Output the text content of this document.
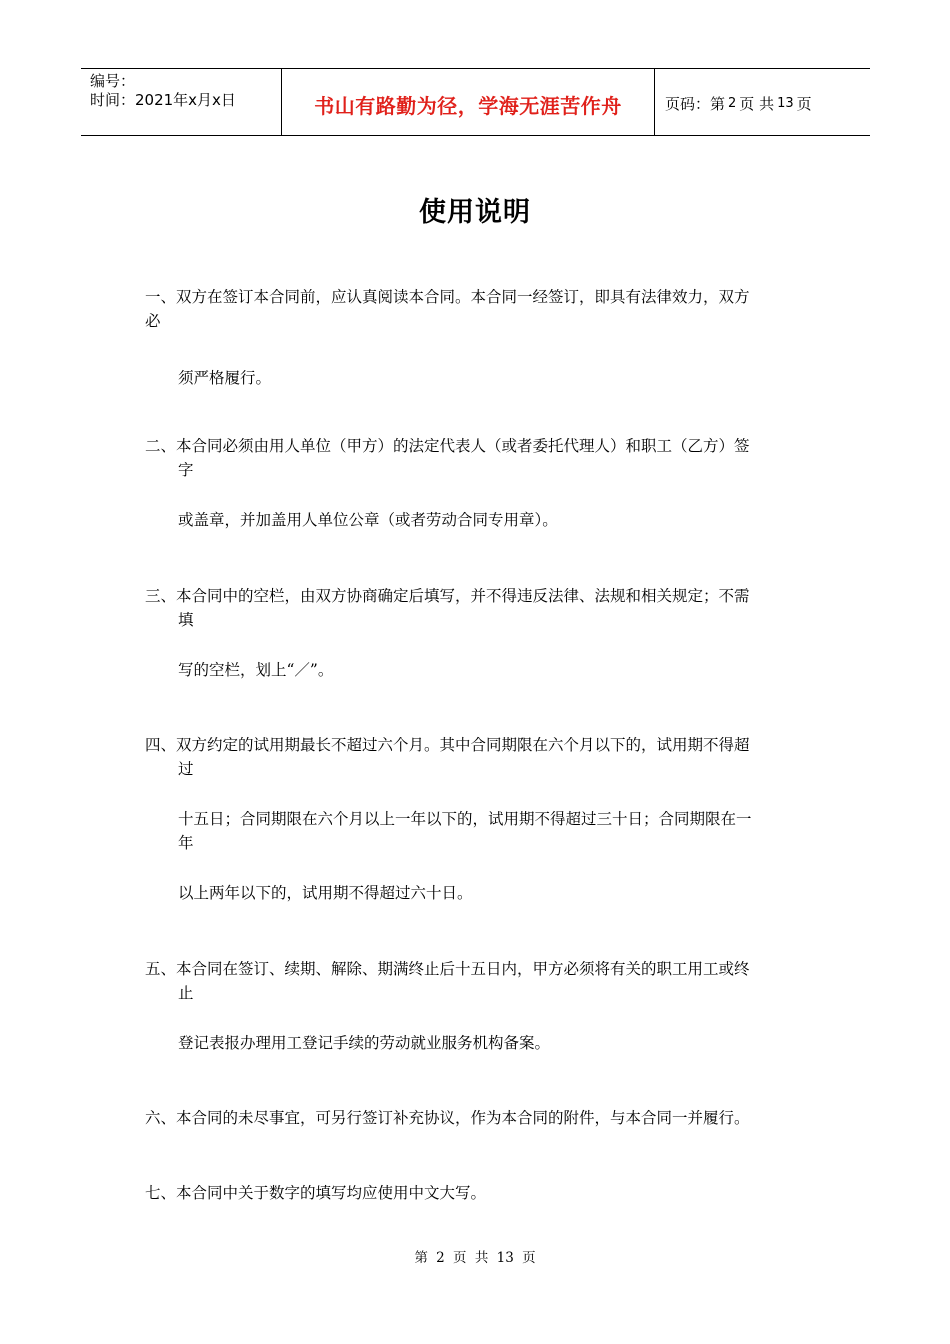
编号：
时间：2021年x月x日	书山有路勤为径，学海无涯苦作舟	页码：第 2 页 共 13 页
使用说明
一、双方在签订本合同前，应认真阅读本合同。本合同一经签订，即具有法律效力，双方
必
须严格履行。
二、本合同必须由用人单位（甲方）的法定代表人（或者委托代理人）和职工（乙方）签
字
或盖章，并加盖用人单位公章（或者劳动合同专用章）。
三、本合同中的空栏，由双方协商确定后填写，并不得违反法律、法规和相关规定；不需
填
写的空栏，划上“／”。
四、双方约定的试用期最长不超过六个月。其中合同期限在六个月以下的，试用期不得超
过
十五日；合同期限在六个月以上一年以下的，试用期不得超过三十日；合同期限在一
年
以上两年以下的，试用期不得超过六十日。
五、本合同在签订、续期、解除、期满终止后十五日内，甲方必须将有关的职工用工或终
止
登记表报办理用工登记手续的劳动就业服务机构备案。
六、本合同的未尽事宜，可另行签订补充协议，作为本合同的附件，与本合同一并履行。
七、本合同中关于数字的填写均应使用中文大写。
第 2 页 共 13 页
